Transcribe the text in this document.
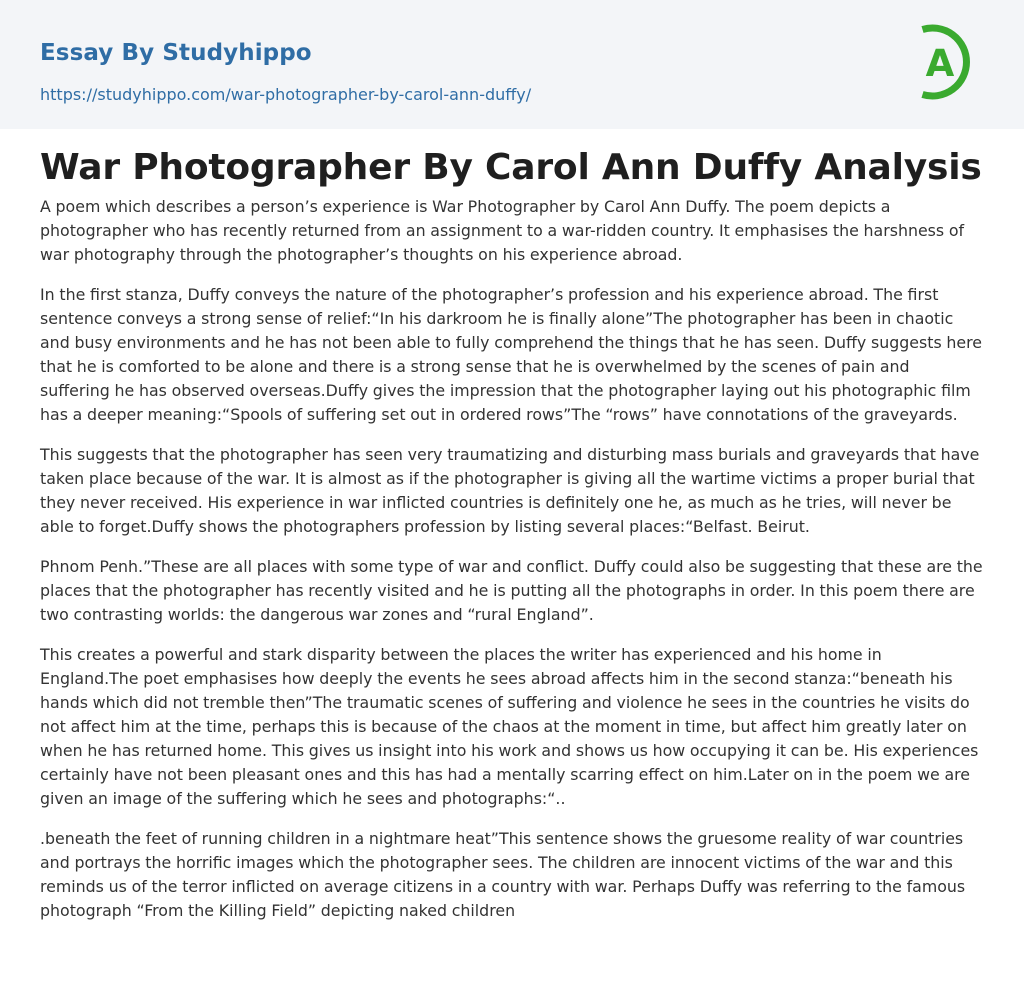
Essay By Studyhippo
https://studyhippo.com/war-photographer-by-carol-ann-duffy/
A
War Photographer By Carol Ann Duffy Analysis

A poem which describes a person’s experience is War Photographer by Carol Ann Duffy. The poem depicts a photographer who has recently returned from an assignment to a war-ridden country. It emphasises the harshness of war photography through the photographer’s thoughts on his experience abroad.

In the first stanza, Duffy conveys the nature of the photographer’s profession and his experience abroad. The first sentence conveys a strong sense of relief:“In his darkroom he is finally alone”The photographer has been in chaotic and busy environments and he has not been able to fully comprehend the things that he has seen. Duffy suggests here that he is comforted to be alone and there is a strong sense that he is overwhelmed by the scenes of pain and suffering he has observed overseas.Duffy gives the impression that the photographer laying out his photographic film has a deeper meaning:“Spools of suffering set out in ordered rows”The “rows” have connotations of the graveyards.

This suggests that the photographer has seen very traumatizing and disturbing mass burials and graveyards that have taken place because of the war. It is almost as if the photographer is giving all the wartime victims a proper burial that they never received. His experience in war inflicted countries is definitely one he, as much as he tries, will never be able to forget.Duffy shows the photographers profession by listing several places:“Belfast. Beirut.

Phnom Penh.”These are all places with some type of war and conflict. Duffy could also be suggesting that these are the places that the photographer has recently visited and he is putting all the photographs in order. In this poem there are two contrasting worlds: the dangerous war zones and “rural England”.

This creates a powerful and stark disparity between the places the writer has experienced and his home in England.The poet emphasises how deeply the events he sees abroad affects him in the second stanza:“beneath his hands which did not tremble then”The traumatic scenes of suffering and violence he sees in the countries he visits do not affect him at the time, perhaps this is because of the chaos at the moment in time, but affect him greatly later on when he has returned home. This gives us insight into his work and shows us how occupying it can be. His experiences certainly have not been pleasant ones and this has had a mentally scarring effect on him.Later on in the poem we are given an image of the suffering which he sees and photographs:“..

.beneath the feet of running children in a nightmare heat”This sentence shows the gruesome reality of war countries and portrays the horrific images which the photographer sees. The children are innocent victims of the war and this reminds us of the terror inflicted on average citizens in a country with war. Perhaps Duffy was referring to the famous photograph “From the Killing Field” depicting naked children
